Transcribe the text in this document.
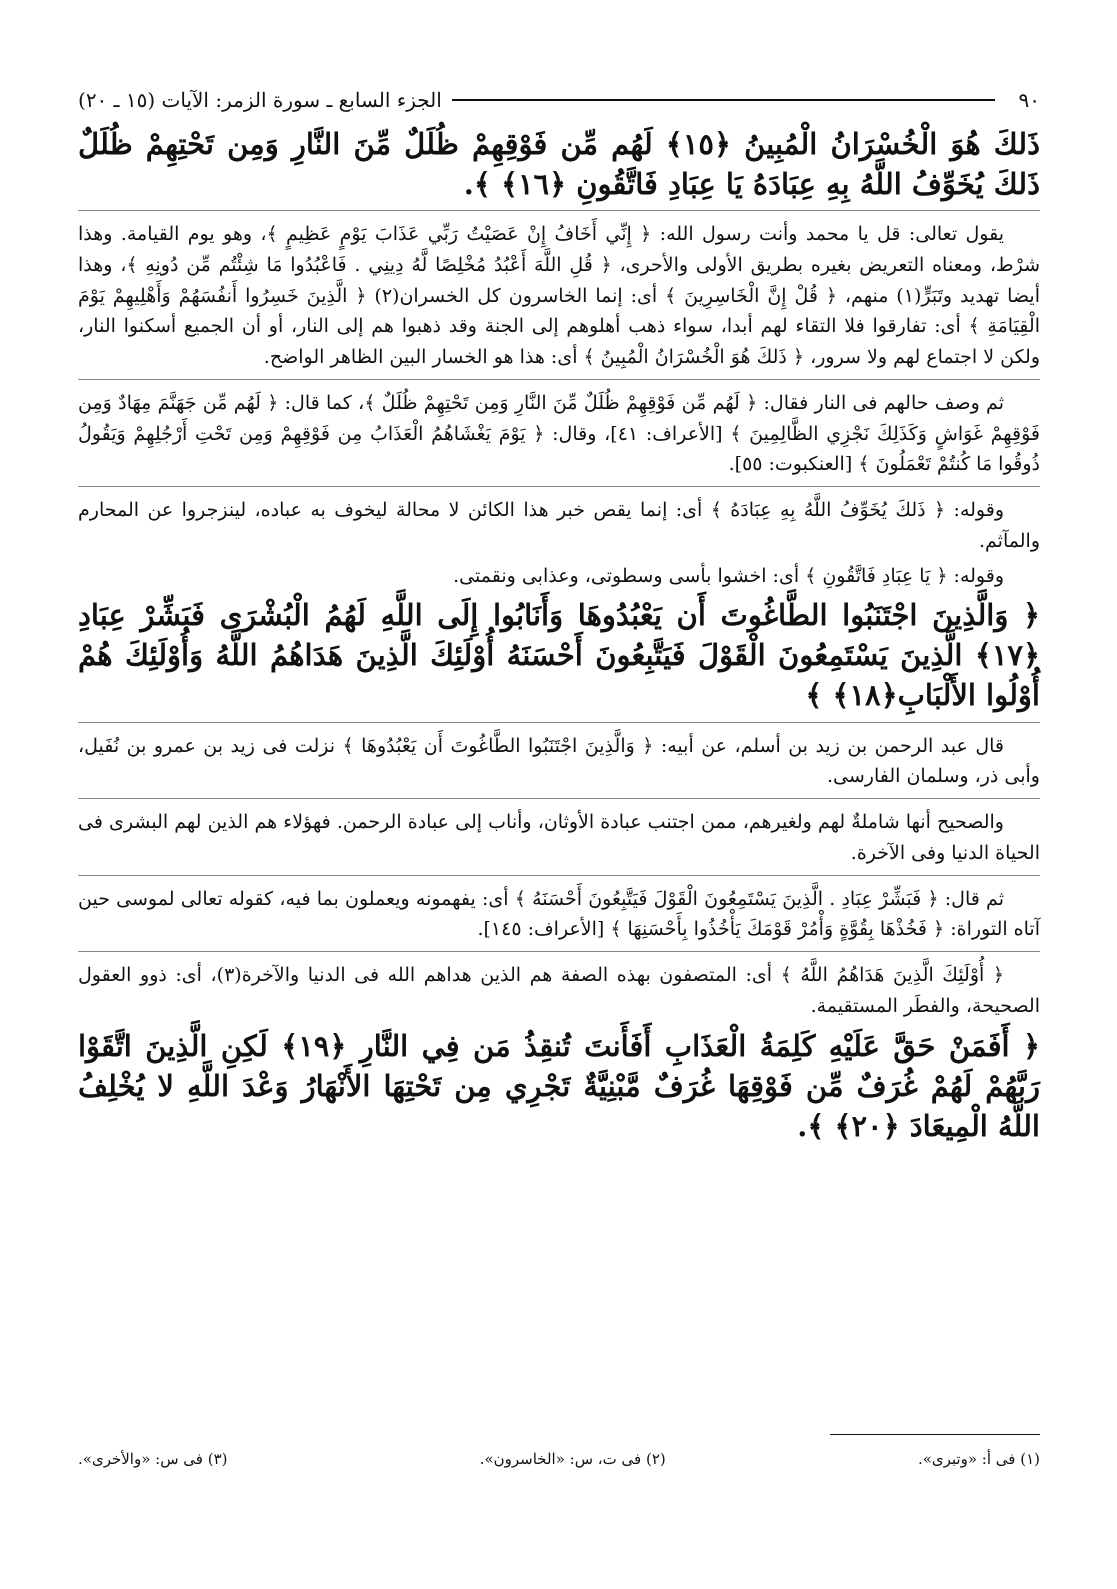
٩٠
الجزء السابع ـ سورة الزمر: الآيات (١٥ ـ ٢٠)

ذَلكَ هُوَ الْخُسْرَانُ الْمُبِينُ ﴿١٥﴾ لَهُم مِّن فَوْقِهِمْ ظُلَلٌ مِّنَ النَّارِ وَمِن تَحْتِهِمْ ظُلَلٌ ذَلكَ يُخَوِّفُ اللَّهُ بِهِ عِبَادَهُ يَا عِبَادِ فَاتَّقُونِ ﴿١٦﴾ ﴾.

يقول تعالى: قل يا محمد وأنت رسول الله: ﴿ إِنِّي أَخَافُ إِنْ عَصَيْتُ رَبِّي عَذَابَ يَوْمٍ عَظِيمٍ ﴾، وهو يوم القيامة. وهذا شرْط، ومعناه التعريض بغيره بطريق الأولى والأحرى، ﴿ قُلِ اللَّهَ أَعْبُدُ مُخْلِصًا لَّهُ دِينِي . فَاعْبُدُوا مَا شِئْتُم مِّن دُونِهِ ﴾، وهذا أيضا تهديد وتَبَرٍّ(١) منهم، ﴿ قُلْ إِنَّ الْخَاسِرِينَ ﴾ أى: إنما الخاسرون كل الخسران(٢) ﴿ الَّذِينَ خَسِرُوا أَنفُسَهُمْ وَأَهْلِيهِمْ يَوْمَ الْقِيَامَةِ ﴾ أى: تفارقوا فلا التقاء لهم أبدا، سواء ذهب أهلوهم إلى الجنة وقد ذهبوا هم إلى النار، أو أن الجميع أسكنوا النار، ولكن لا اجتماع لهم ولا سرور، ﴿ ذَلكَ هُوَ الْخُسْرَانُ الْمُبِينُ ﴾ أى: هذا هو الخسار البين الظاهر الواضح.

ثم وصف حالهم فى النار فقال: ﴿ لَهُم مِّن فَوْقِهِمْ ظُلَلٌ مِّنَ النَّارِ وَمِن تَحْتِهِمْ ظُلَلٌ ﴾، كما قال: ﴿ لَهُم مِّن جَهَنَّمَ مِهَادٌ وَمِن فَوْقِهِمْ غَوَاشٍ وَكَذَلِكَ نَجْزِي الظَّالِمِينَ ﴾ [الأعراف: ٤١]، وقال: ﴿ يَوْمَ يَغْشَاهُمُ الْعَذَابُ مِن فَوْقِهِمْ وَمِن تَحْتِ أَرْجُلِهِمْ وَيَقُولُ ذُوقُوا مَا كُنتُمْ تَعْمَلُونَ ﴾ [العنكبوت: ٥٥].

وقوله: ﴿ ذَلكَ يُخَوِّفُ اللَّهُ بِهِ عِبَادَهُ ﴾ أى: إنما يقص خبر هذا الكائن لا محالة ليخوف به عباده، لينزجروا عن المحارم والمآثم.

وقوله: ﴿ يَا عِبَادِ فَاتَّقُونِ ﴾ أى: اخشوا بأسى وسطوتى، وعذابى ونقمتى.

﴿ وَالَّذِينَ اجْتَنَبُوا الطَّاغُوتَ أَن يَعْبُدُوهَا وَأَنَابُوا إِلَى اللَّهِ لَهُمُ الْبُشْرَى فَبَشِّرْ عِبَادِ ﴿١٧﴾ الَّذِينَ يَسْتَمِعُونَ الْقَوْلَ فَيَتَّبِعُونَ أَحْسَنَهُ أُوْلَئِكَ الَّذِينَ هَدَاهُمُ اللَّهُ وَأُوْلَئِكَ هُمْ أُوْلُوا الأَلْبَابِ﴿١٨﴾ ﴾

قال عبد الرحمن بن زيد بن أسلم، عن أبيه: ﴿ وَالَّذِينَ اجْتَنَبُوا الطَّاغُوتَ أَن يَعْبُدُوهَا ﴾ نزلت فى زيد بن عمرو بن نُفَيل، وأبى ذر، وسلمان الفارسى.

والصحيح أنها شاملةٌ لهم ولغيرهم، ممن اجتنب عبادة الأوثان، وأناب إلى عبادة الرحمن. فهؤلاء هم الذين لهم البشرى فى الحياة الدنيا وفى الآخرة.

ثم قال: ﴿ فَبَشِّرْ عِبَادِ . الَّذِينَ يَسْتَمِعُونَ الْقَوْلَ فَيَتَّبِعُونَ أَحْسَنَهُ ﴾ أى: يفهمونه ويعملون بما فيه، كقوله تعالى لموسى حين آتاه التوراة: ﴿ فَخُذْهَا بِقُوَّةٍ وَأْمُرْ قَوْمَكَ يَأْخُذُوا بِأَحْسَنِهَا ﴾ [الأعراف: ١٤٥].

﴿ أُوْلَئِكَ الَّذِينَ هَدَاهُمُ اللَّهُ ﴾ أى: المتصفون بهذه الصفة هم الذين هداهم الله فى الدنيا والآخرة(٣)، أى: ذوو العقول الصحيحة، والفطَر المستقيمة.

﴿ أَفَمَنْ حَقَّ عَلَيْهِ كَلِمَةُ الْعَذَابِ أَفَأَنتَ تُنقِذُ مَن فِي النَّارِ ﴿١٩﴾ لَكِنِ الَّذِينَ اتَّقَوْا رَبَّهُمْ لَهُمْ غُرَفٌ مِّن فَوْقِهَا غُرَفٌ مَّبْنِيَّةٌ تَجْرِي مِن تَحْتِهَا الأَنْهَارُ وَعْدَ اللَّهِ لا يُخْلِفُ اللَّهُ الْمِيعَادَ ﴿٢٠﴾ ﴾.

(١) فى أ: «وتبرى».
(٢) فى ت، س: «الخاسرون».
(٣) فى س: «والأخرى».
